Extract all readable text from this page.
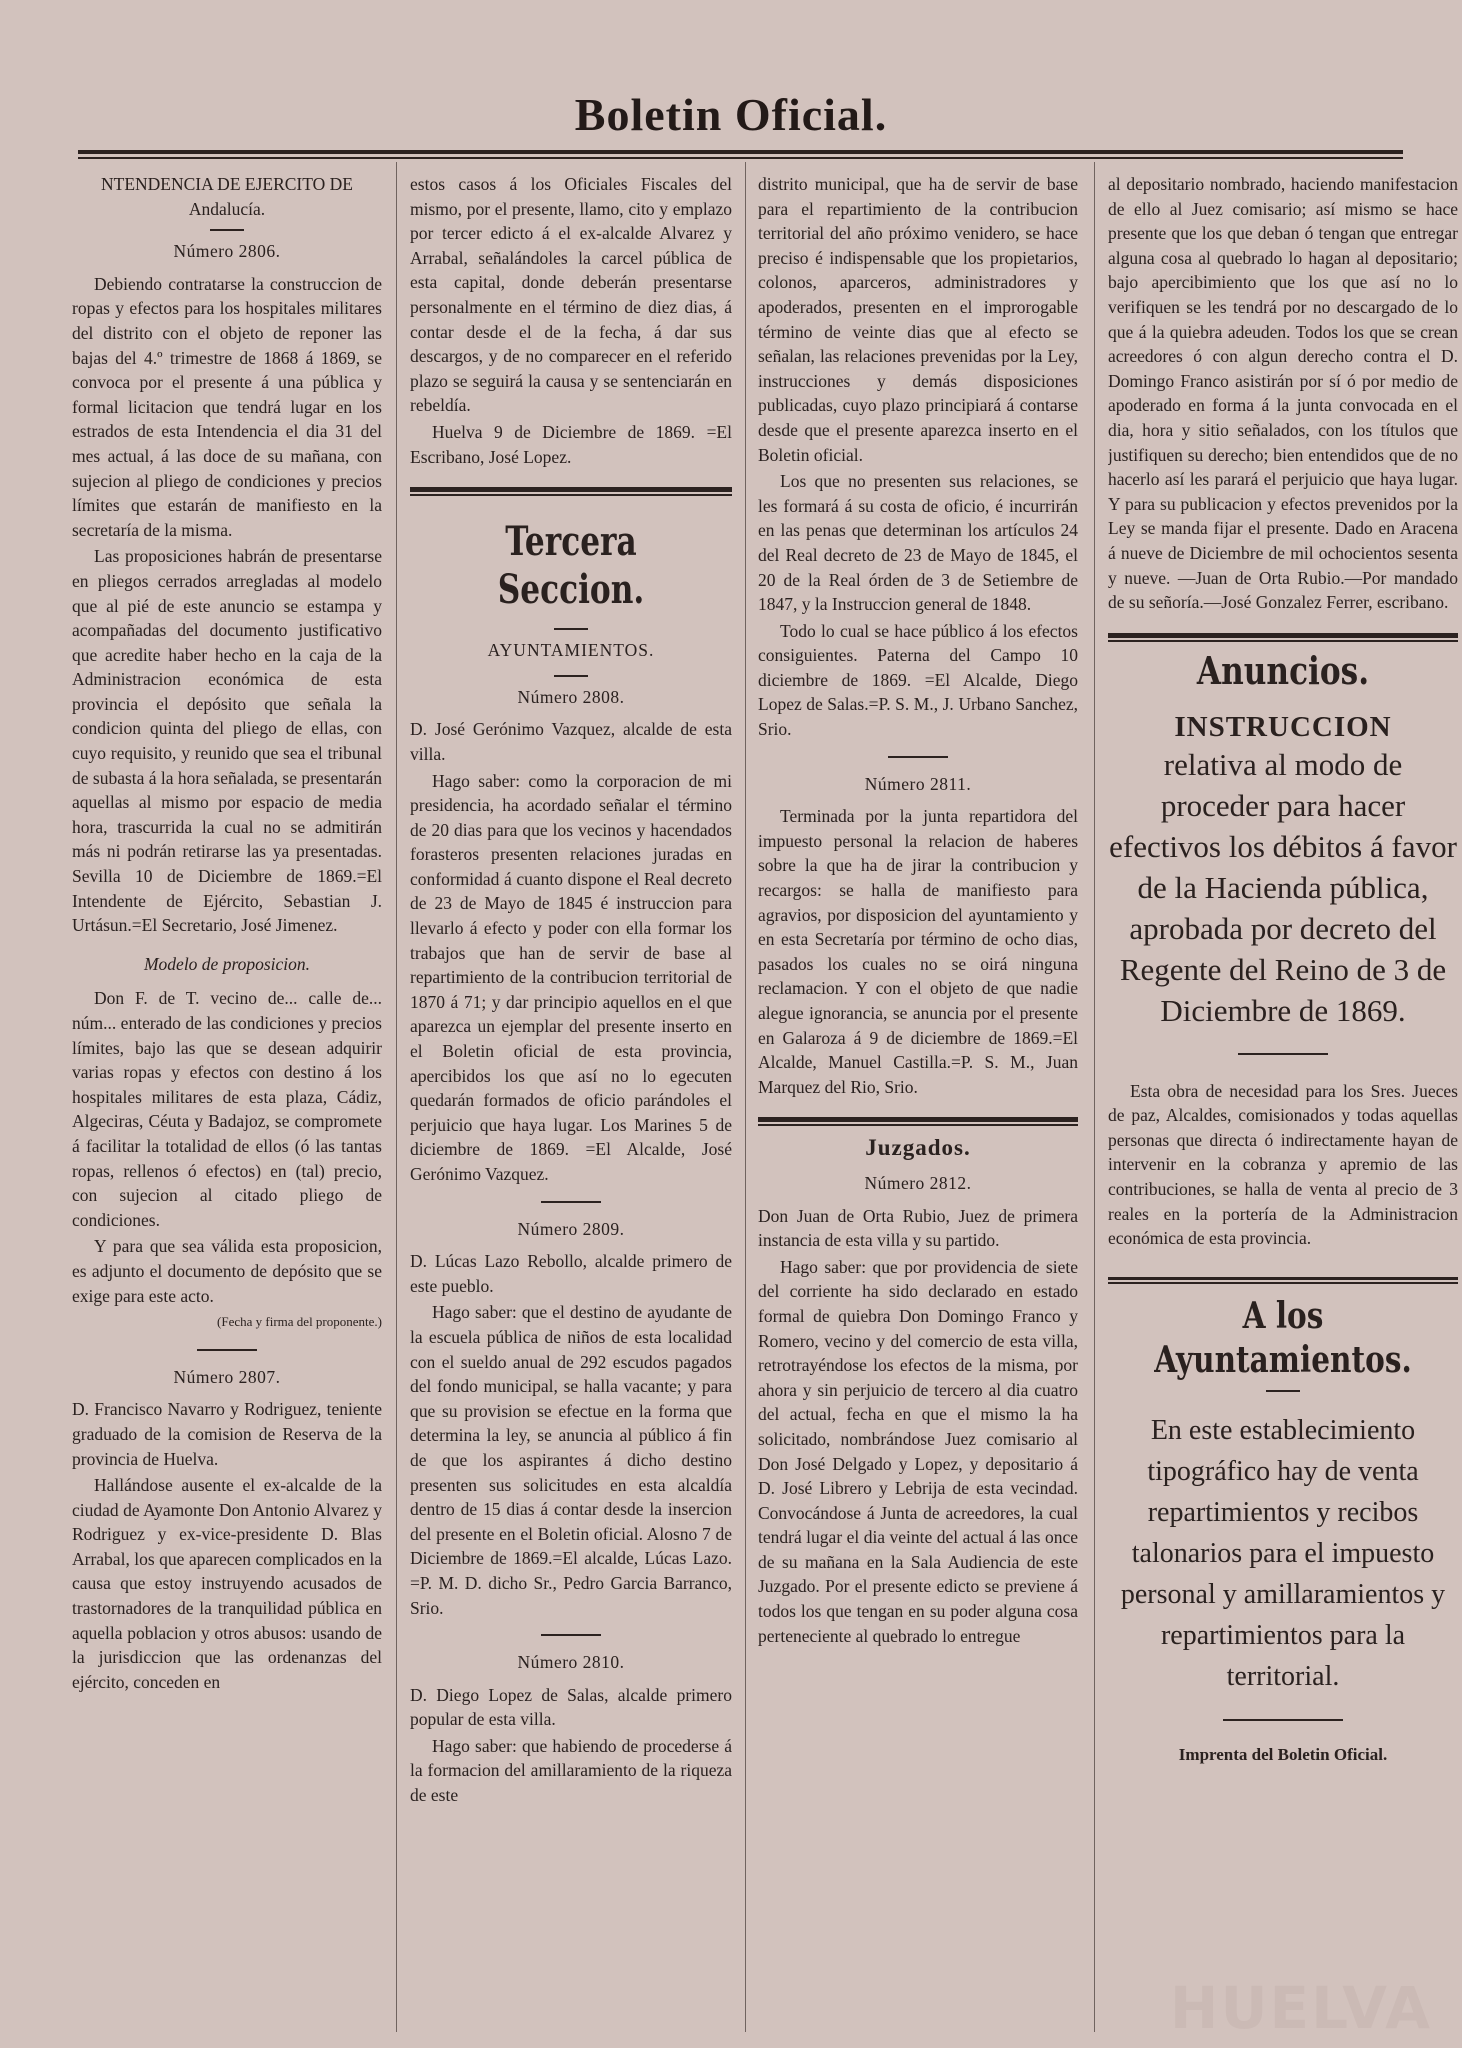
Boletin Oficial.
NTENDENCIA DE EJERCITO DE Andalucía.
Número 2806.

Debiendo contratarse la construccion de ropas y efectos para los hospitales militares del distrito con el objeto de reponer las bajas del 4.º trimestre de 1868 á 1869, se convoca por el presente á una pública y formal licitacion que tendrá lugar en los estrados de esta Intendencia el dia 31 del mes actual, á las doce de su mañana, con sujecion al pliego de condiciones y precios límites que estarán de manifiesto en la secretaría de la misma.

Las proposiciones habrán de presentarse en pliegos cerrados arregladas al modelo que al pié de este anuncio se estampa y acompañadas del documento justificativo que acredite haber hecho en la caja de la Administracion económica de esta provincia el depósito que señala la condicion quinta del pliego de ellas, con cuyo requisito, y reunido que sea el tribunal de subasta á la hora señalada, se presentarán aquellas al mismo por espacio de media hora, trascurrida la cual no se admitirán más ni podrán retirarse las ya presentadas. Sevilla 10 de Diciembre de 1869.=El Intendente de Ejército, Sebastian J. Urtásun.=El Secretario, José Jimenez.

Modelo de proposicion.

Don F. de T. vecino de... calle de... núm... enterado de las condiciones y precios límites, bajo las que se desean adquirir varias ropas y efectos con destino á los hospitales militares de esta plaza, Cádiz, Algeciras, Céuta y Badajoz, se compromete á facilitar la totalidad de ellos (ó las tantas ropas, rellenos ó efectos) en (tal) precio, con sujecion al citado pliego de condiciones.

Y para que sea válida esta proposicion, es adjunto el documento de depósito que se exige para este acto.

(Fecha y firma del proponente.)
Número 2807.

D. Francisco Navarro y Rodriguez, teniente graduado de la comision de Reserva de la provincia de Huelva.

Hallándose ausente el ex-alcalde de la ciudad de Ayamonte Don Antonio Alvarez y Rodriguez y ex-vice-presidente D. Blas Arrabal, los que aparecen complicados en la causa que estoy instruyendo acusados de trastornadores de la tranquilidad pública en aquella poblacion y otros abusos: usando de la jurisdiccion que las ordenanzas del ejército, conceden en

estos casos á los Oficiales Fiscales del mismo, por el presente, llamo, cito y emplazo por tercer edicto á el ex-alcalde Alvarez y Arrabal, señalándoles la carcel pública de esta capital, donde deberán presentarse personalmente en el término de diez dias, á contar desde el de la fecha, á dar sus descargos, y de no comparecer en el referido plazo se seguirá la causa y se sentenciarán en rebeldía.

Huelva 9 de Diciembre de 1869. =El Escribano, José Lopez.

Tercera Seccion.
AYUNTAMIENTOS.
Número 2808.

D. José Gerónimo Vazquez, alcalde de esta villa.

Hago saber: como la corporacion de mi presidencia, ha acordado señalar el término de 20 dias para que los vecinos y hacendados forasteros presenten relaciones juradas en conformidad á cuanto dispone el Real decreto de 23 de Mayo de 1845 é instruccion para llevarlo á efecto y poder con ella formar los trabajos que han de servir de base al repartimiento de la contribucion territorial de 1870 á 71; y dar principio aquellos en el que aparezca un ejemplar del presente inserto en el Boletin oficial de esta provincia, apercibidos los que así no lo egecuten quedarán formados de oficio parándoles el perjuicio que haya lugar. Los Marines 5 de diciembre de 1869. =El Alcalde, José Gerónimo Vazquez.

Número 2809.

D. Lúcas Lazo Rebollo, alcalde primero de este pueblo.

Hago saber: que el destino de ayudante de la escuela pública de niños de esta localidad con el sueldo anual de 292 escudos pagados del fondo municipal, se halla vacante; y para que su provision se efectue en la forma que determina la ley, se anuncia al público á fin de que los aspirantes á dicho destino presenten sus solicitudes en esta alcaldía dentro de 15 dias á contar desde la insercion del presente en el Boletin oficial. Alosno 7 de Diciembre de 1869.=El alcalde, Lúcas Lazo. =P. M. D. dicho Sr., Pedro Garcia Barranco, Srio.

Número 2810.

D. Diego Lopez de Salas, alcalde primero popular de esta villa.

Hago saber: que habiendo de procederse á la formacion del amillaramiento de la riqueza de este

distrito municipal, que ha de servir de base para el repartimiento de la contribucion territorial del año próximo venidero, se hace preciso é indispensable que los propietarios, colonos, aparceros, administradores y apoderados, presenten en el improrogable término de veinte dias que al efecto se señalan, las relaciones prevenidas por la Ley, instrucciones y demás disposiciones publicadas, cuyo plazo principiará á contarse desde que el presente aparezca inserto en el Boletin oficial.

Los que no presenten sus relaciones, se les formará á su costa de oficio, é incurrirán en las penas que determinan los artículos 24 del Real decreto de 23 de Mayo de 1845, el 20 de la Real órden de 3 de Setiembre de 1847, y la Instruccion general de 1848.

Todo lo cual se hace público á los efectos consiguientes. Paterna del Campo 10 diciembre de 1869. =El Alcalde, Diego Lopez de Salas.=P. S. M., J. Urbano Sanchez, Srio.

Número 2811.

Terminada por la junta repartidora del impuesto personal la relacion de haberes sobre la que ha de jirar la contribucion y recargos: se halla de manifiesto para agravios, por disposicion del ayuntamiento y en esta Secretaría por término de ocho dias, pasados los cuales no se oirá ninguna reclamacion. Y con el objeto de que nadie alegue ignorancia, se anuncia por el presente en Galaroza á 9 de diciembre de 1869.=El Alcalde, Manuel Castilla.=P. S. M., Juan Marquez del Rio, Srio.

Juzgados.
Número 2812.

Don Juan de Orta Rubio, Juez de primera instancia de esta villa y su partido.

Hago saber: que por providencia de siete del corriente ha sido declarado en estado formal de quiebra Don Domingo Franco y Romero, vecino y del comercio de esta villa, retrotrayéndose los efectos de la misma, por ahora y sin perjuicio de tercero al dia cuatro del actual, fecha en que el mismo la ha solicitado, nombrándose Juez comisario al Don José Delgado y Lopez, y depositario á D. José Librero y Lebrija de esta vecindad. Convocándose á Junta de acreedores, la cual tendrá lugar el dia veinte del actual á las once de su mañana en la Sala Audiencia de este Juzgado. Por el presente edicto se previene á todos los que tengan en su poder alguna cosa perteneciente al quebrado lo entregue

al depositario nombrado, haciendo manifestacion de ello al Juez comisario; así mismo se hace presente que los que deban ó tengan que entregar alguna cosa al quebrado lo hagan al depositario; bajo apercibimiento que los que así no lo verifiquen se les tendrá por no descargado de lo que á la quiebra adeuden. Todos los que se crean acreedores ó con algun derecho contra el D. Domingo Franco asistirán por sí ó por medio de apoderado en forma á la junta convocada en el dia, hora y sitio señalados, con los títulos que justifiquen su derecho; bien entendidos que de no hacerlo así les parará el perjuicio que haya lugar. Y para su publicacion y efectos prevenidos por la Ley se manda fijar el presente. Dado en Aracena á nueve de Diciembre de mil ochocientos sesenta y nueve. —Juan de Orta Rubio.—Por mandado de su señoría.—José Gonzalez Ferrer, escribano.

Anuncios.
INSTRUCCION
relativa al modo de proceder para hacer efectivos los débitos á favor de la Hacienda pública, aprobada por decreto del Regente del Reino de 3 de Diciembre de 1869.

Esta obra de necesidad para los Sres. Jueces de paz, Alcaldes, comisionados y todas aquellas personas que directa ó indirectamente hayan de intervenir en la cobranza y apremio de las contribuciones, se halla de venta al precio de 3 reales en la portería de la Administracion económica de esta provincia.

A los Ayuntamientos.
En este establecimiento tipográfico hay de venta repartimientos y recibos talonarios para el impuesto personal y amillaramientos y repartimientos para la territorial.
Imprenta del Boletin Oficial.
HUELVA
